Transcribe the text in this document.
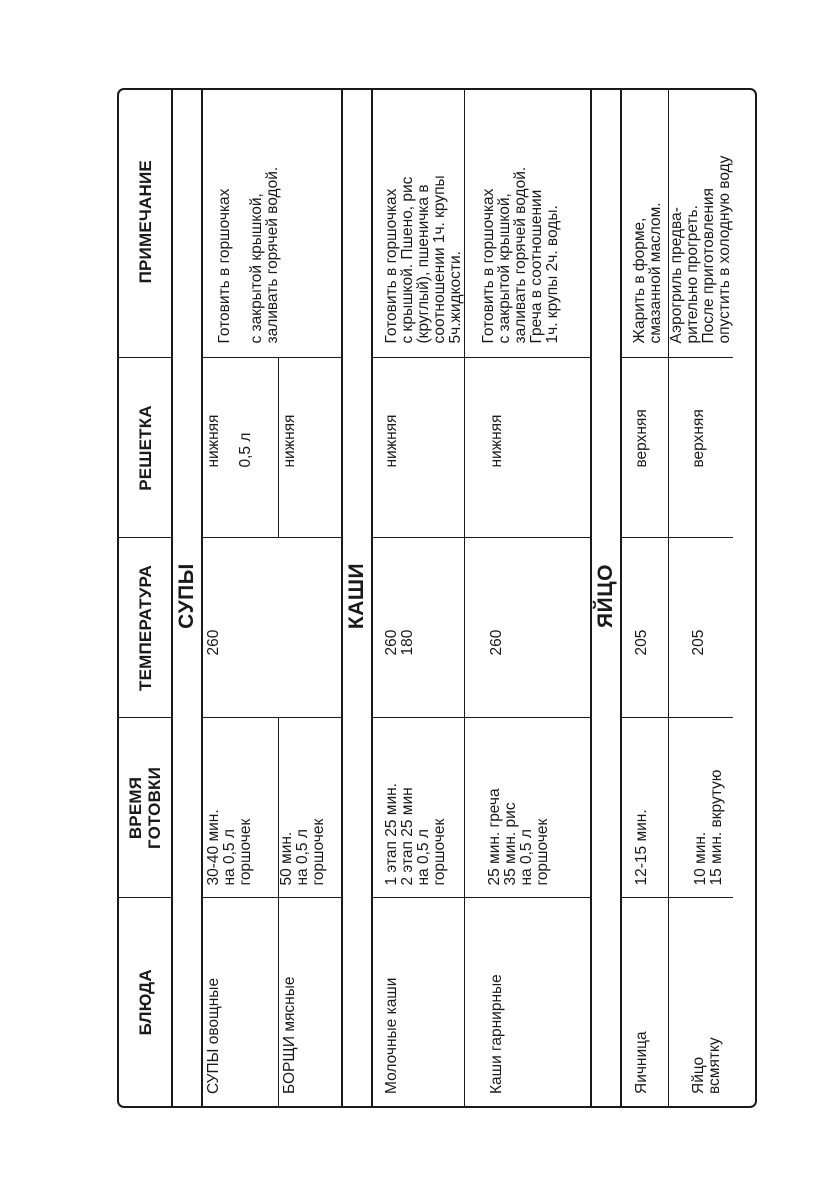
БЛЮДА	ВРЕМЯ
ГОТОВКИ	ТЕМПЕРАТУРА	РЕШЕТКА	ПРИМЕЧАНИЕ
СУПЫ				
СУПЫ овощные	30-40 мин.
на 0,5 л
горшочек	260	нижняя

0,5 л	Готовить в горшочках

с закрытой крышкой,
заливать горячей водой.
БОРЩИ мясные	50 мин.
на 0,5 л
горшочек		нижняя	
КАШИ				
Молочные каши	1 этап 25 мин.
2 этап 25 мин
на 0,5 л
горшочек	260
180	нижняя	Готовить в горшочках
с крышкой. Пшено, рис
(круглый), пшеничка в
соотношении 1ч. крупы
5ч.жидкости.
Каши гарнирные	25 мин. греча
35 мин. рис
на 0,5 л
горшочек	260	нижняя	Готовить в горшочках
с закрытой крышкой,
заливать горячей водой.
Греча в соотношении
1ч. крупы 2ч. воды.
ЯЙЦО				
Яичница	12-15 мин.	205	верхняя	Жарить в форме,
смазанной маслом.
Яйцо
всмятку	10 мин.
15 мин. вкрутую	205	верхняя	Аэрогриль предва-
рительно прогреть.
После приготовления
опустить в холодную воду
